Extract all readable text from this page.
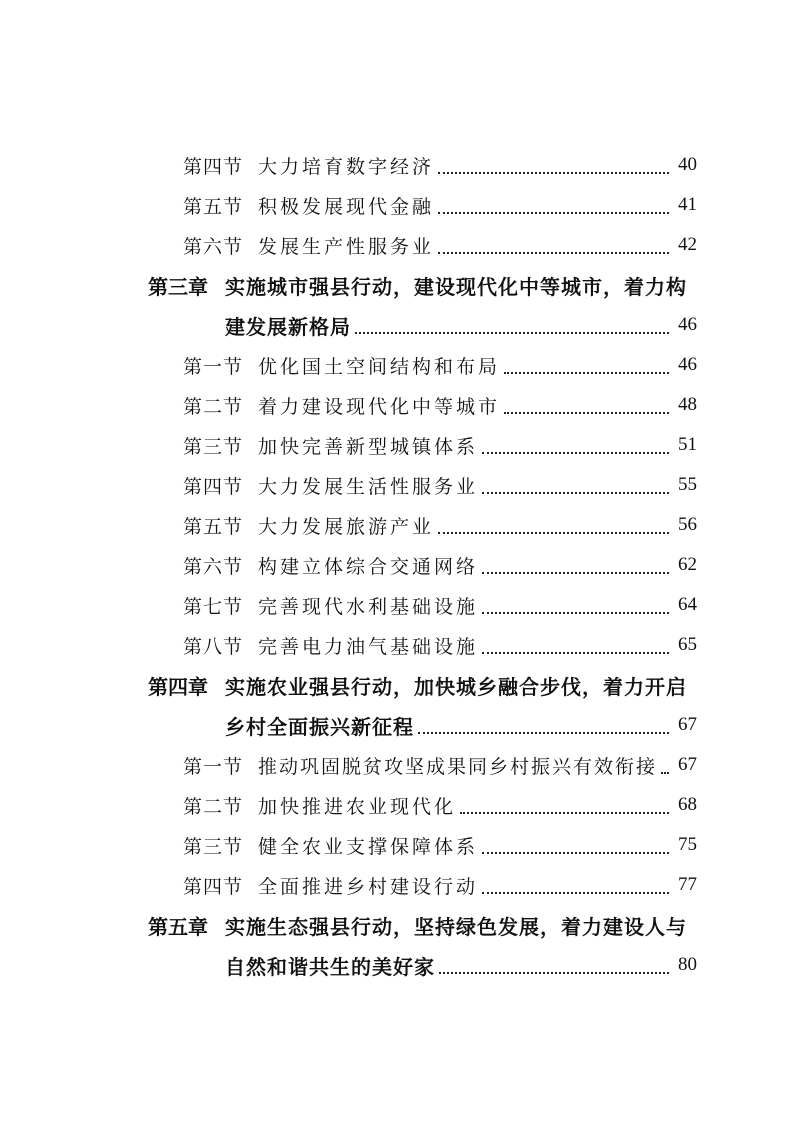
第四节 大力培育数字经济	40
第五节 积极发展现代金融	41
第六节 发展生产性服务业	42
第三章 实施城市强县行动，建设现代化中等城市，着力构
建发展新格局	46
第一节 优化国土空间结构和布局	46
第二节 着力建设现代化中等城市	48
第三节 加快完善新型城镇体系	51
第四节 大力发展生活性服务业	55
第五节 大力发展旅游产业	56
第六节 构建立体综合交通网络	62
第七节 完善现代水利基础设施	64
第八节 完善电力油气基础设施	65
第四章 实施农业强县行动，加快城乡融合步伐，着力开启
乡村全面振兴新征程	67
第一节 推动巩固脱贫攻坚成果同乡村振兴有效衔接	67
第二节 加快推进农业现代化	68
第三节 健全农业支撑保障体系	75
第四节 全面推进乡村建设行动	77
第五章 实施生态强县行动，坚持绿色发展，着力建设人与
自然和谐共生的美好家	80
